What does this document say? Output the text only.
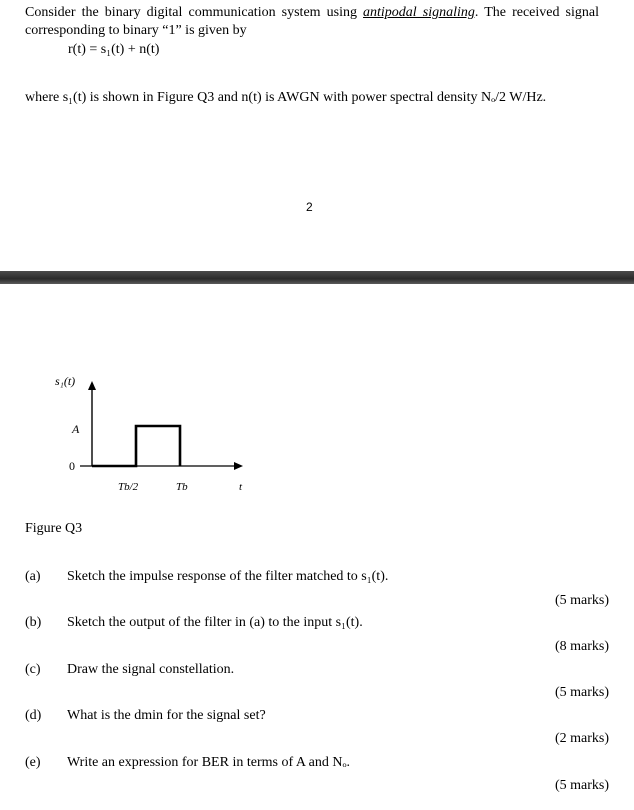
Consider the binary digital communication system using antipodal signaling. The received signal corresponding to binary “1” is given by
r(t) = s₁(t) + n(t)
where s₁(t) is shown in Figure Q3 and n(t) is AWGN with power spectral density Nₒ/2 W/Hz.
2
s₁(t)
A
0
Tb/2	Tb	t
Figure Q3
(a) Sketch the impulse response of the filter matched to s₁(t).
(5 marks)
(b) Sketch the output of the filter in (a) to the input s₁(t).
(8 marks)
(c) Draw the signal constellation.
(5 marks)
(d) What is the dmin for the signal set?
(2 marks)
(e) Write an expression for BER in terms of A and Nₒ.
(5 marks)
